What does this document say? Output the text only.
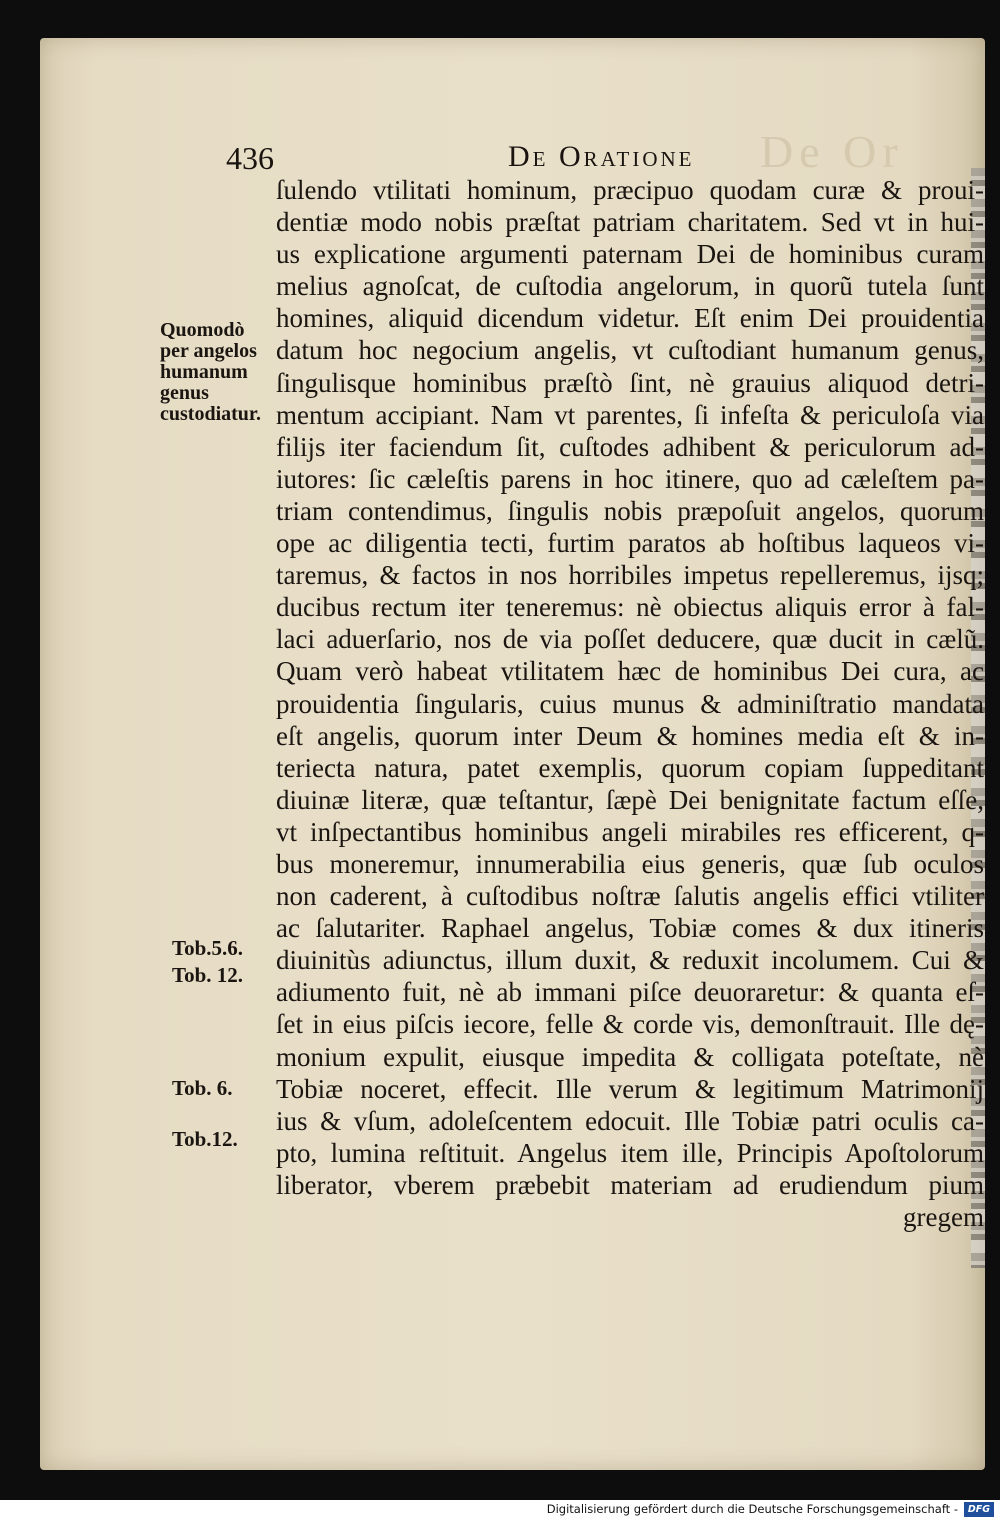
De Or
436	De Oratione
Quomodò per angelos humanum genus custodiatur.
Tob.5.6.
Tob. 12.
Tob. 6.
Tob.12.
ſulendo vtilitati hominum, præcipuo quodam curæ & proui-
dentiæ modo nobis præſtat patriam charitatem. Sed vt in hui-
us explicatione argumenti paternam Dei de hominibus curam
melius agnoſcat, de cuſtodia angelorum, in quorũ tutela ſunt
homines, aliquid dicendum videtur. Eſt enim Dei prouidentia
datum hoc negocium angelis, vt cuſtodiant humanum genus,
ſingulisque hominibus præſtò ſint, nè grauius aliquod detri-
mentum accipiant. Nam vt parentes, ſi infeſta & periculoſa via
filijs iter faciendum ſit, cuſtodes adhibent & periculorum ad-
iutores: ſic cæleſtis parens in hoc itinere, quo ad cæleſtem pa-
triam contendimus, ſingulis nobis præpoſuit angelos, quorum
ope ac diligentia tecti, furtim paratos ab hoſtibus laqueos vi-
taremus, & factos in nos horribiles impetus repelleremus, ijsq;
ducibus rectum iter teneremus: nè obiectus aliquis error à fal-
laci aduerſario, nos de via poſſet deducere, quæ ducit in cælũ.
Quam verò habeat vtilitatem hæc de hominibus Dei cura, ac
prouidentia ſingularis, cuius munus & adminiſtratio mandata
eſt angelis, quorum inter Deum & homines media eſt & in-
teriecta natura, patet exemplis, quorum copiam ſuppeditant
diuinæ literæ, quæ teſtantur, ſæpè Dei benignitate factum eſſe,
vt inſpectantibus hominibus angeli mirabiles res efficerent, q-
bus moneremur, innumerabilia eius generis, quæ ſub oculos
non caderent, à cuſtodibus noſtræ ſalutis angelis effici vtiliter
ac ſalutariter. Raphael angelus, Tobiæ comes & dux itineris
diuinitùs adiunctus, illum duxit, & reduxit incolumem. Cui &
adiumento fuit, nè ab immani piſce deuoraretur: & quanta eſ-
ſet in eius piſcis iecore, felle & corde vis, demonſtrauit. Ille dę-
monium expulit, eiusque impedita & colligata poteſtate, nè
Tobiæ noceret, effecit. Ille verum & legitimum Matrimonij
ius & vſum, adoleſcentem edocuit. Ille Tobiæ patri oculis ca-
pto, lumina reſtituit. Angelus item ille, Principis Apoſtolorum
liberator, vberem præbebit materiam ad erudiendum pium
gregem
Digitalisierung gefördert durch die Deutsche Forschungsgemeinschaft -	DFG
